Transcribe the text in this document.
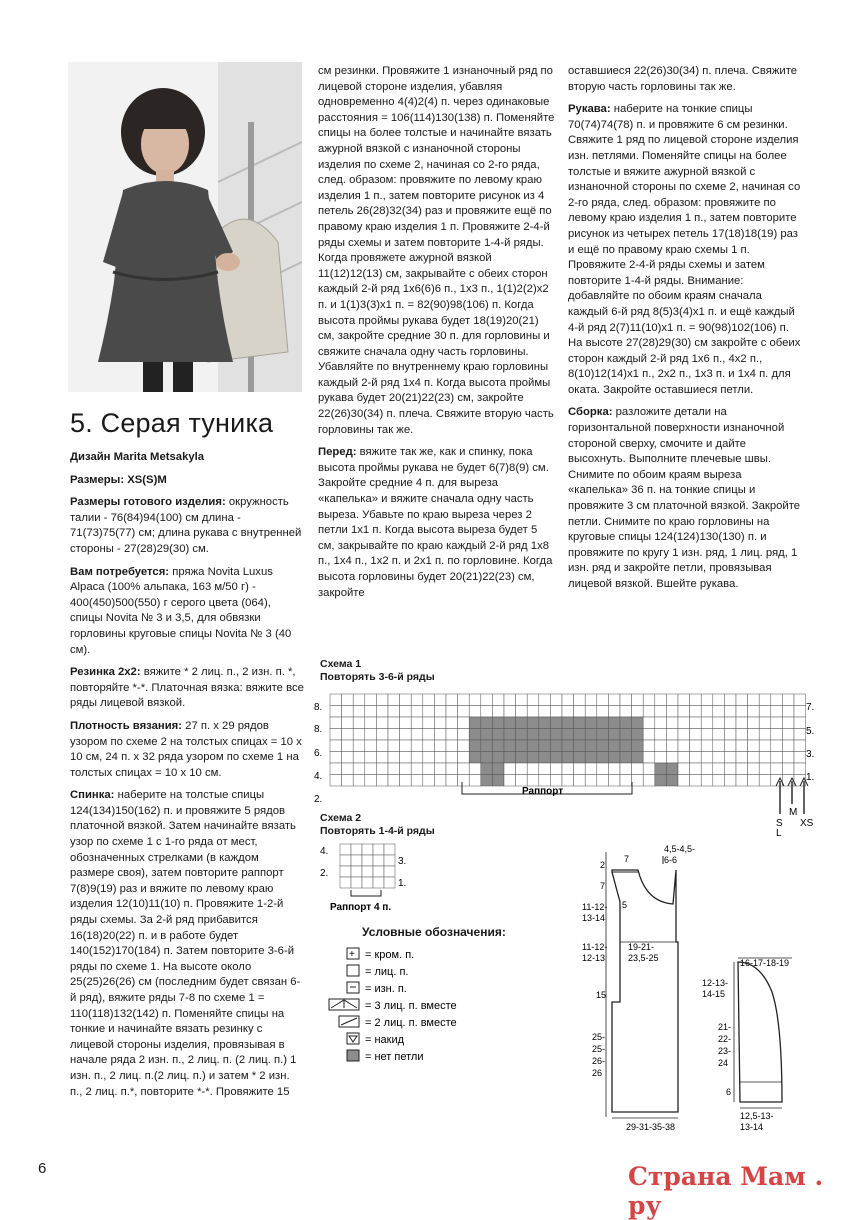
5. Серая туника

Дизайн Marita Metsakyla

Размеры: XS(S)M

Размеры готового изделия: окружность талии - 76(84)94(100) см длина - 71(73)75(77) см; длина рукава с внутренней стороны - 27(28)29(30) см.

Вам потребуется: пряжа Novita Luxus Alpaca (100% альпака, 163 м/50 г) - 400(450)500(550) г серого цвета (064), спицы Novita № 3 и 3,5, для обвязки горловины круговые спицы Novita № 3 (40 см).

Резинка 2х2: вяжите * 2 лиц. п., 2 изн. п. *, повторяйте *-*. Платочная вязка: вяжите все ряды лицевой вязкой.

Плотность вязания: 27 п. х 29 рядов узором по схеме 2 на толстых спицах = 10 х 10 см, 24 п. х 32 ряда узором по схеме 1 на толстых спицах = 10 х 10 см.

Спинка: наберите на толстые спицы 124(134)150(162) п. и провяжите 5 рядов платочной вязкой. Затем начинайте вязать узор по схеме 1 с 1-го ряда от мест, обозначенных стрелками (в каждом размере своя), затем повторите раппорт 7(8)9(19) раз и вяжите по левому краю изделия 12(10)11(10) п. Провяжите 1-2-й ряды схемы. За 2-й ряд прибавится 16(18)20(22) п. и в работе будет 140(152)170(184) п. Затем повторите 3-6-й ряды по схеме 1. На высоте около 25(25)26(26) см (последним будет связан 6-й ряд), вяжите ряды 7-8 по схеме 1 = 110(118)132(142) п. Поменяйте спицы на тонкие и начинайте вязать резинку с лицевой стороны изделия, провязывая в начале ряда 2 изн. п., 2 лиц. п. (2 лиц. п.) 1 изн. п., 2 лиц. п.(2 лиц. п.) и затем * 2 изн. п., 2 лиц. п.*, повторите *-*. Провяжите 15

см резинки. Провяжите 1 изнаночный ряд по лицевой стороне изделия, убавляя одновременно 4(4)2(4) п. через одинаковые расстояния = 106(114)130(138) п. Поменяйте спицы на более толстые и начинайте вязать ажурной вязкой с изнаночной стороны изделия по схеме 2, начиная со 2-го ряда, след. образом: провяжите по левому краю изделия 1 п., затем повторите рисунок из 4 петель 26(28)32(34) раз и провяжите ещё по правому краю изделия 1 п. Провяжите 2-4-й ряды схемы и затем повторите 1-4-й ряды. Когда провяжете ажурной вязкой 11(12)12(13) см, закрывайте с обеих сторон каждый 2-й ряд 1х6(6)6 п., 1х3 п., 1(1)2(2)х2 п. и 1(1)3(3)х1 п. = 82(90)98(106) п. Когда высота проймы рукава будет 18(19)20(21) см, закройте средние 30 п. для горловины и свяжите сначала одну часть горловины. Убавляйте по внутреннему краю горловины каждый 2-й ряд 1х4 п. Когда высота проймы рукава будет 20(21)22(23) см, закройте 22(26)30(34) п. плеча. Свяжите вторую часть горловины так же.

Перед: вяжите так же, как и спинку, пока высота проймы рукава не будет 6(7)8(9) см. Закройте средние 4 п. для выреза «капелька» и вяжите сначала одну часть выреза. Убавьте по краю выреза через 2 петли 1х1 п. Когда высота выреза будет 5 см, закрывайте по краю каждый 2-й ряд 1х8 п., 1х4 п., 1х2 п. и 2х1 п. по горловине. Когда высота горловины будет 20(21)22(23) см, закройте

оставшиеся 22(26)30(34) п. плеча. Свяжите вторую часть горловины так же.

Рукава: наберите на тонкие спицы 70(74)74(78) п. и провяжите 6 см резинки. Свяжите 1 ряд по лицевой стороне изделия изн. петлями. Поменяйте спицы на более толстые и вяжите ажурной вязкой с изнаночной стороны по схеме 2, начиная со 2-го ряда, след. образом: провяжите по левому краю изделия 1 п., затем повторите рисунок из четырех петель 17(18)18(19) раз и ещё по правому краю схемы 1 п. Провяжите 2-4-й ряды схемы и затем повторите 1-4-й ряды. Внимание: добавляйте по обоим краям сначала каждый 6-й ряд 8(5)3(4)х1 п. и ещё каждый 4-й ряд 2(7)11(10)х1 п. = 90(98)102(106) п. На высоте 27(28)29(30) см закройте с обеих сторон каждый 2-й ряд 1х6 п., 4х2 п., 8(10)12(14)х1 п., 2х2 п., 1х3 п. и 1х4 п. для оката. Закройте оставшиеся петли.

Сборка: разложите детали на горизонтальной поверхности изнаночной стороной сверху, смочите и дайте высохнуть. Выполните плечевые швы. Снимите по обоим краям выреза «капелька» 36 п. на тонкие спицы и провяжите 3 см платочной вязкой. Закройте петли. Снимите по краю горловины на круговые спицы 124(124)130(130) п. и провяжите по кругу 1 изн. ряд, 1 лиц. ряд, 1 изн. ряд и закройте петли, провязывая лицевой вязкой. Вшейте рукава.

Схема 1
Повторять 3-6-й ряды
8.
6.
4.
2.
8.	7.
5.
3.
1.
Раппорт
S
L
M
XS
Схема 2
Повторять 1-4-й ряды
4.
2.
3.
1.
Раппорт 4 п.
Условные обозначения:
+ = кром. п.
= лиц. п.
= изн. п.
= 3 лиц. п. вместе
= 2 лиц. п. вместе
= накид
= нет петли
7
4,5-4,5-
6-6
2
7
11-12-
13-14
11-12-
12-13
15
25-
25-
26-
26
5
19-21-
23,5-25
29-31-35-38
16-17-18-19
12-13-
14-15
21-
22-
23-
24
6
12,5-13-
13-14
6	Страна Мам . ру
